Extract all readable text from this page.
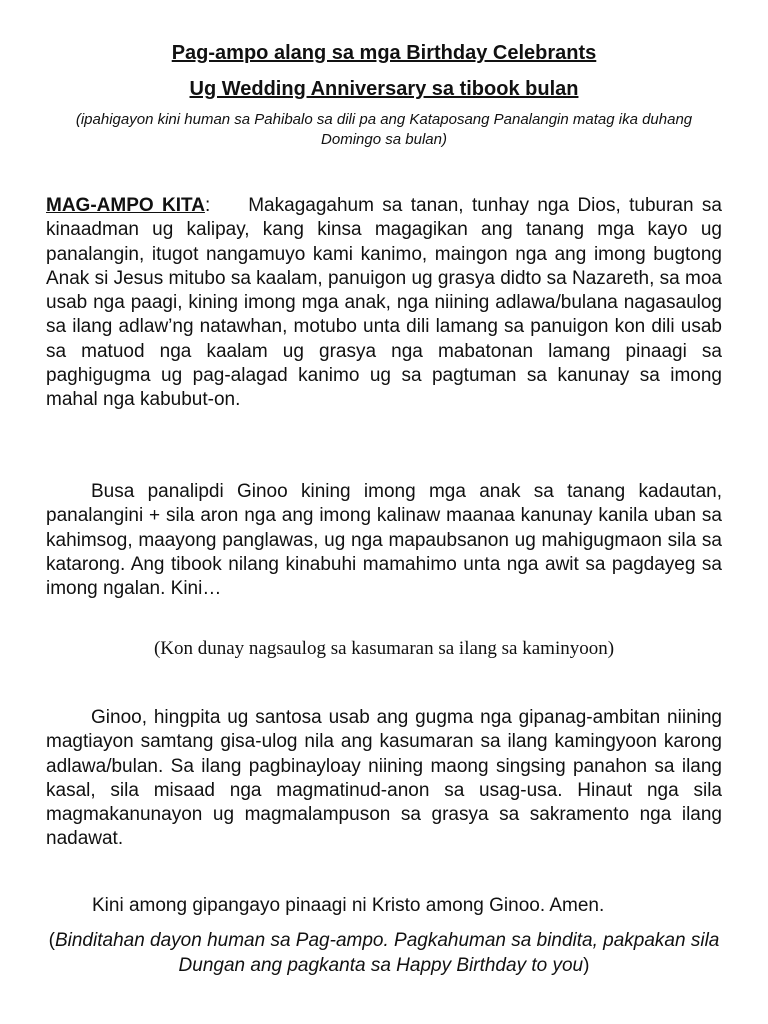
Pag-ampo alang sa mga Birthday Celebrants
Ug Wedding Anniversary sa tibook bulan

(ipahigayon kini human sa Pahibalo sa dili pa ang Kataposang Panalangin matag ika duhang Domingo sa bulan)

MAG-AMPO KITA: Makagagahum sa tanan, tunhay nga Dios, tuburan sa kinaadman ug kalipay, kang kinsa magagikan ang tanang mga kayo ug panalangin, itugot nangamuyo kami kanimo, maingon nga ang imong bugtong Anak si Jesus mitubo sa kaalam, panuigon ug grasya didto sa Nazareth, sa moa usab nga paagi, kining imong mga anak, nga niining adlawa/bulana nagasaulog sa ilang adlaw’ng natawhan, motubo unta dili lamang sa panuigon kon dili usab sa matuod nga kaalam ug grasya nga mabatonan lamang pinaagi sa paghigugma ug pag-alagad kanimo ug sa pagtuman sa kanunay sa imong mahal nga kabubut-on.

Busa panalipdi Ginoo kining imong mga anak sa tanang kadautan, panalangini + sila aron nga ang imong kalinaw maanaa kanunay kanila uban sa kahimsog, maayong panglawas, ug nga mapaubsanon ug mahigugmaon sila sa katarong. Ang tibook nilang kinabuhi mamahimo unta nga awit sa pagdayeg sa imong ngalan. Kini…

(Kon dunay nagsaulog sa kasumaran sa ilang sa kaminyoon)

Ginoo, hingpita ug santosa usab ang gugma nga gipanag-ambitan niining magtiayon samtang gisa-ulog nila ang kasumaran sa ilang kamingyoon karong adlawa/bulan. Sa ilang pagbinayloay niining maong singsing panahon sa ilang kasal, sila misaad nga magmatinud-anon sa usag-usa. Hinaut nga sila magmakanunayon ug magmalampuson sa grasya sa sakramento nga ilang nadawat.

Kini among gipangayo pinaagi ni Kristo among Ginoo. Amen.

(Binditahan dayon human sa Pag-ampo. Pagkahuman sa bindita, pakpakan sila Dungan ang pagkanta sa Happy Birthday to you)
